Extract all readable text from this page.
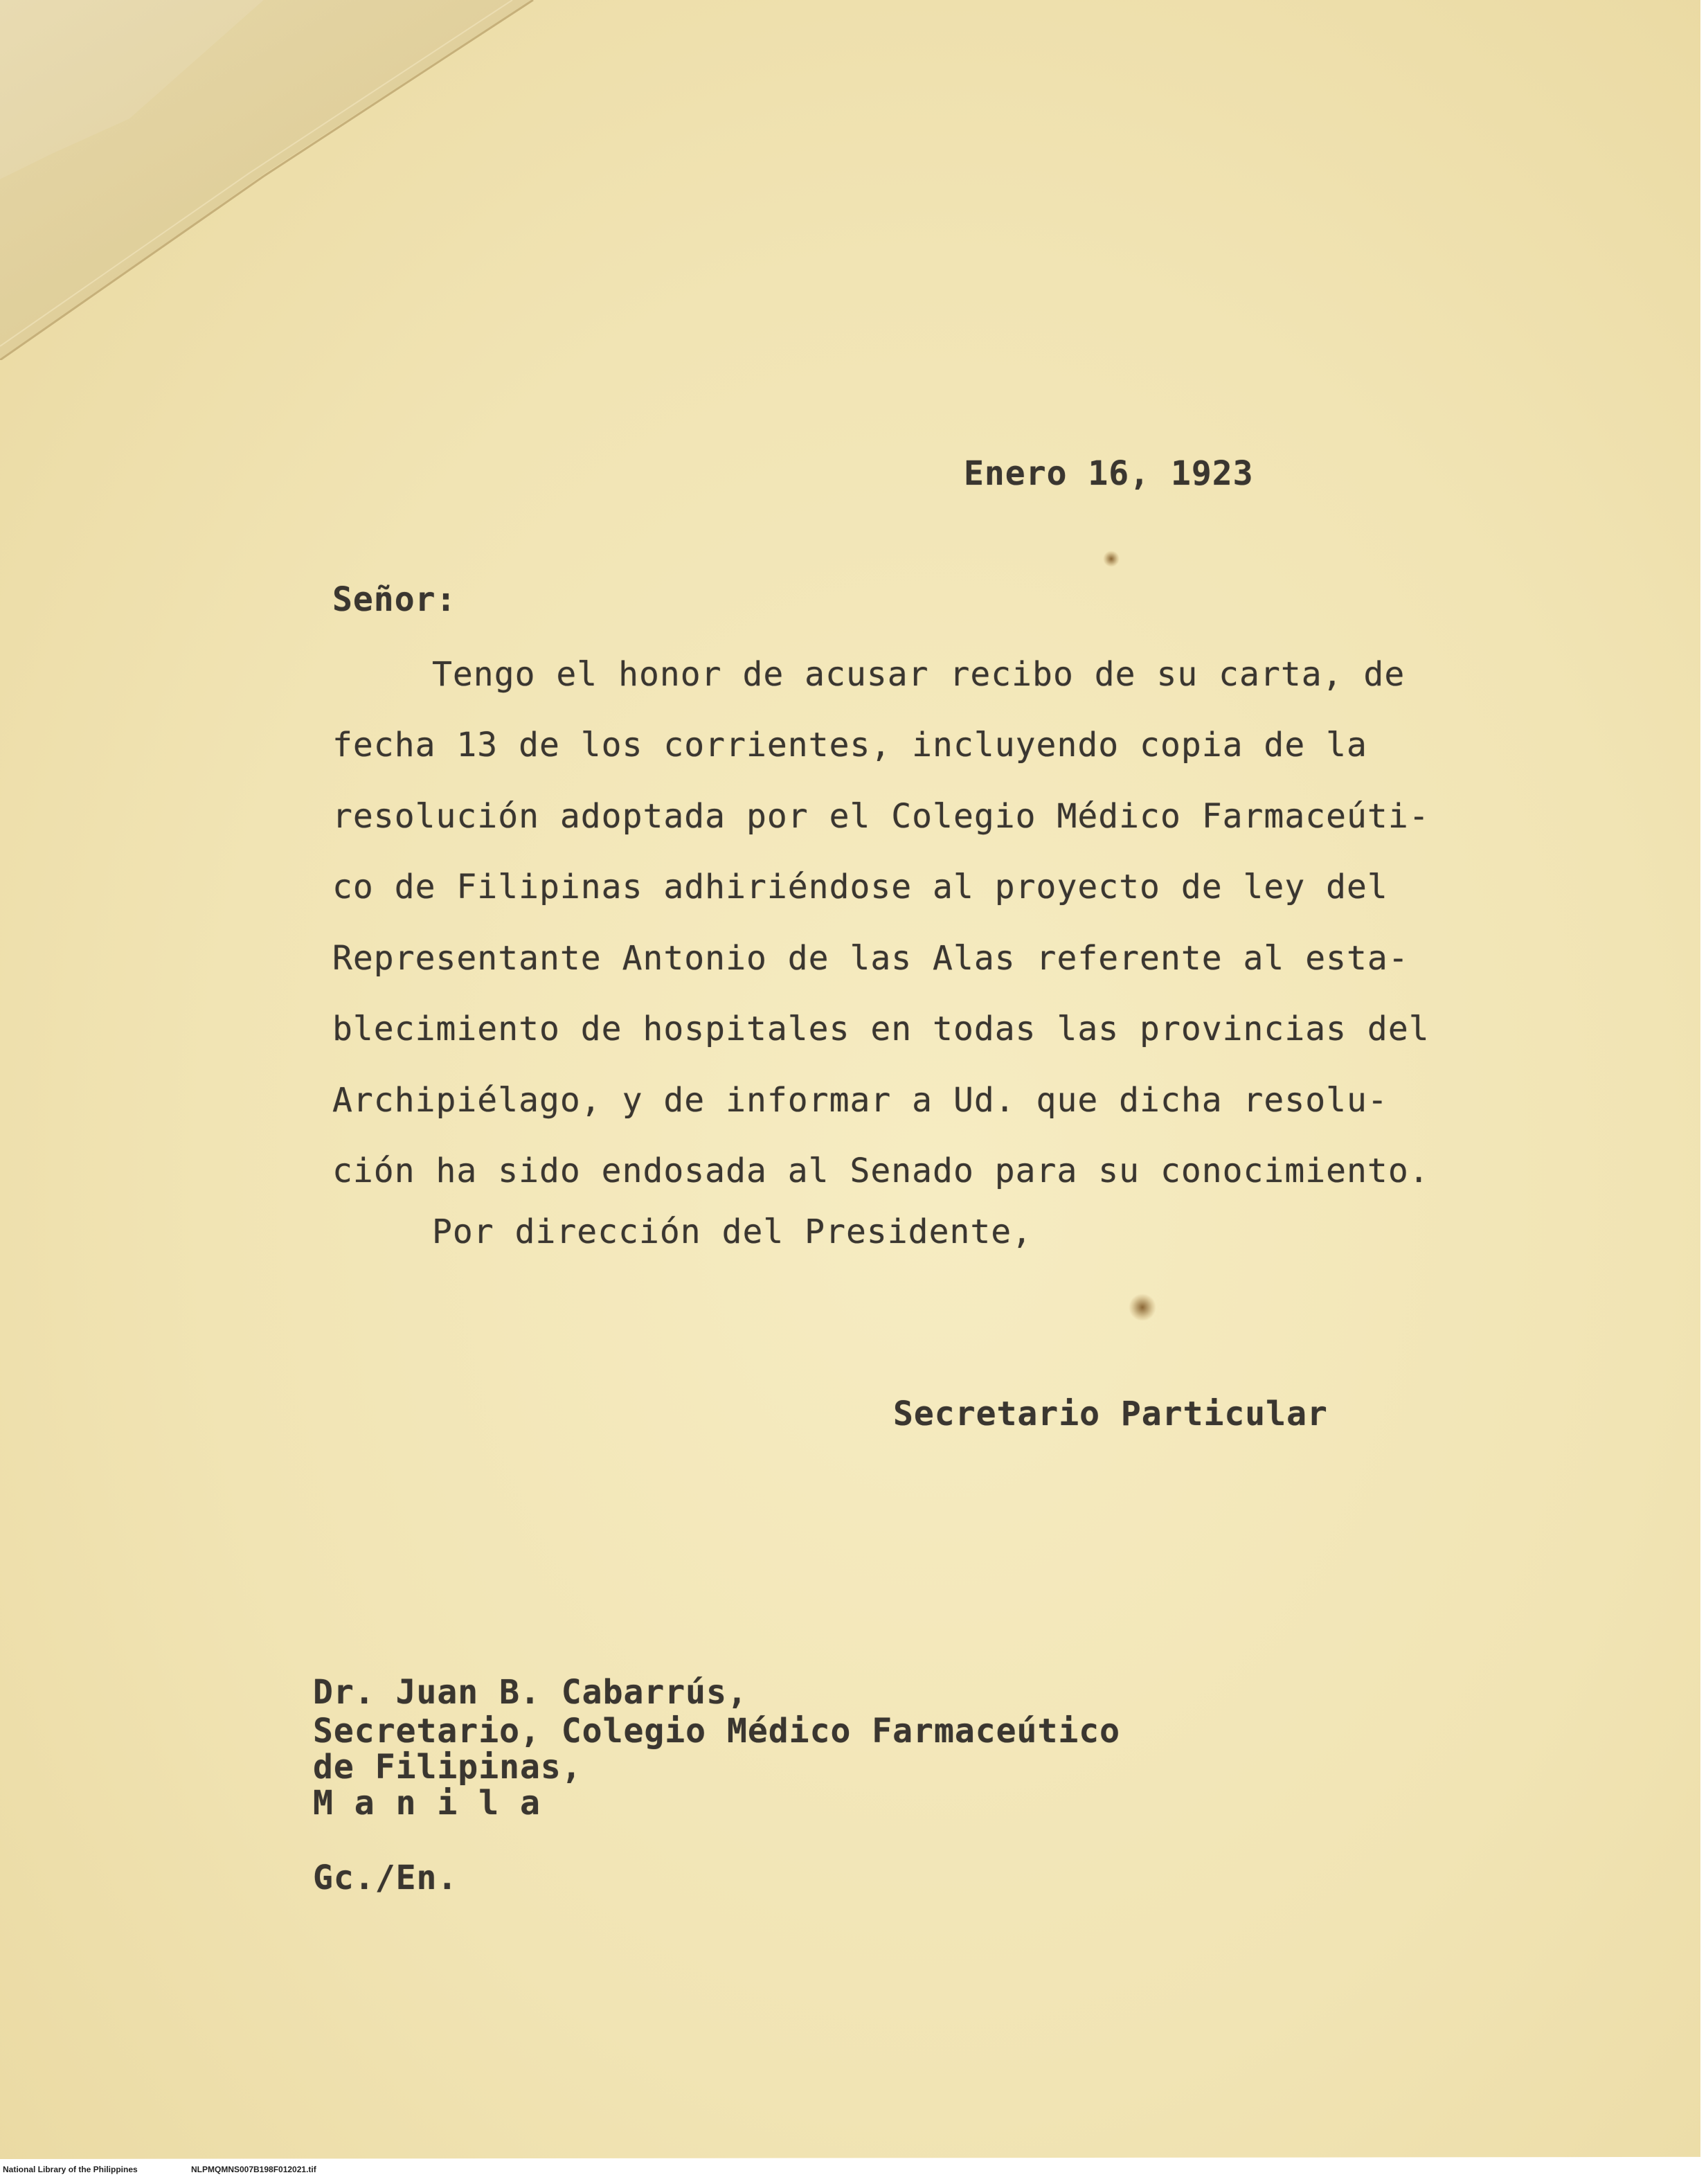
Enero 16, 1923
Señor:
Tengo el honor de acusar recibo de su carta, de
fecha 13 de los corrientes, incluyendo copia de la
resolución adoptada por el Colegio Médico Farmaceúti-
co de Filipinas adhiriéndose al proyecto de ley del
Representante Antonio de las Alas referente al esta-
blecimiento de hospitales en todas las provincias del
Archipiélago, y de informar a Ud. que dicha resolu-
ción ha sido endosada al Senado para su conocimiento.
Por dirección del Presidente,
Secretario Particular
Dr. Juan B. Cabarrús,
Secretario, Colegio Médico Farmaceútico
de Filipinas,
M a n i l a
Gc./En.
National Library of the Philippines	NLPMQMNS007B198F012021.tif
